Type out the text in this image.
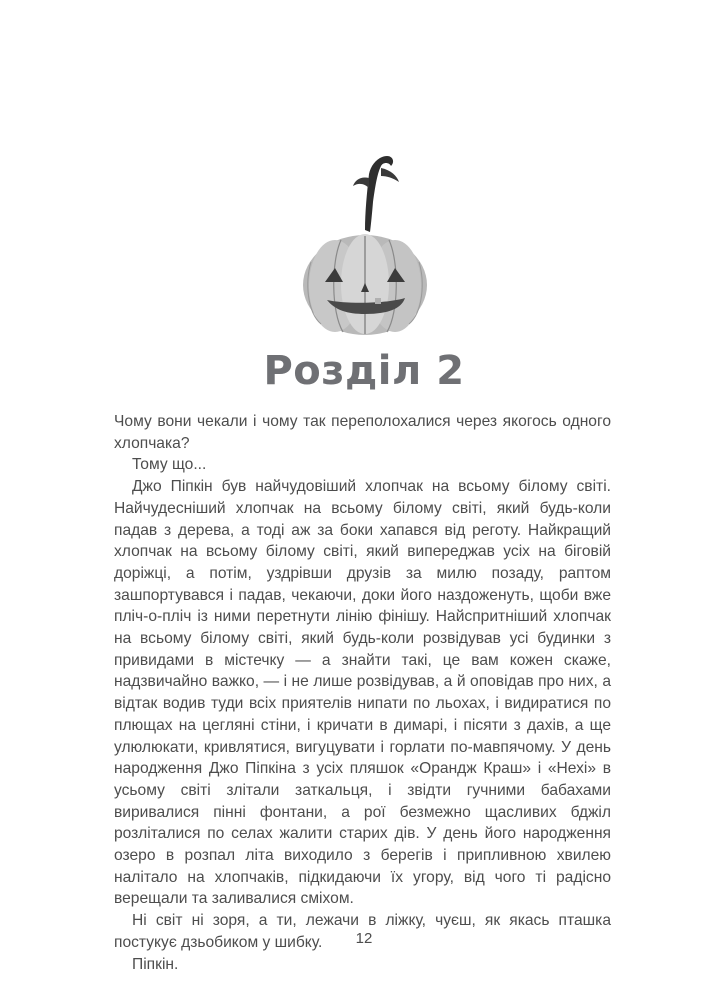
Розділ 2

Чому вони чекали і чому так переполохалися через якогось одного хлопчака?

Тому що...

Джо Піпкін був найчудовіший хлопчак на всьому білому світі. Найчудесніший хлопчак на всьому білому світі, який будь-коли падав з дерева, а тоді аж за боки хапався від реготу. Найкращий хлопчак на всьому білому світі, який випереджав усіх на біговій доріжці, а потім, уздрівши друзів за милю позаду, раптом зашпортувався і падав, чекаючи, доки його наздоженуть, щоби вже пліч-о-пліч із ними перетнути лінію фінішу. Найспритніший хлопчак на всьому білому світі, який будь-коли розвідував усі будинки з привидами в містечку — а знайти такі, це вам кожен скаже, надзвичайно важко, — і не лише розвідував, а й оповідав про них, а відтак водив туди всіх приятелів нипати по льохах, і видиратися по плющах на цегляні стіни, і кричати в димарі, і пісяти з дахів, а ще улюлюкати, кривлятися, вигуцувати і горлати по-мавпячому. У день народження Джо Піпкіна з усіх пляшок «Орандж Краш» і «Нехі» в усьому світі злітали заткальця, і звідти гучними бабахами виривалися пінні фонтани, а рої безмежно щасливих бджіл розліталися по селах жалити старих дів. У день його народження озеро в розпал літа виходило з берегів і припливною хвилею налітало на хлопчаків, підкидаючи їх угору, від чого ті радісно верещали та заливалися сміхом.

Ні світ ні зоря, а ти, лежачи в ліжку, чуєш, як якась пташка постукує дзьобиком у шибку.

Піпкін.

12
